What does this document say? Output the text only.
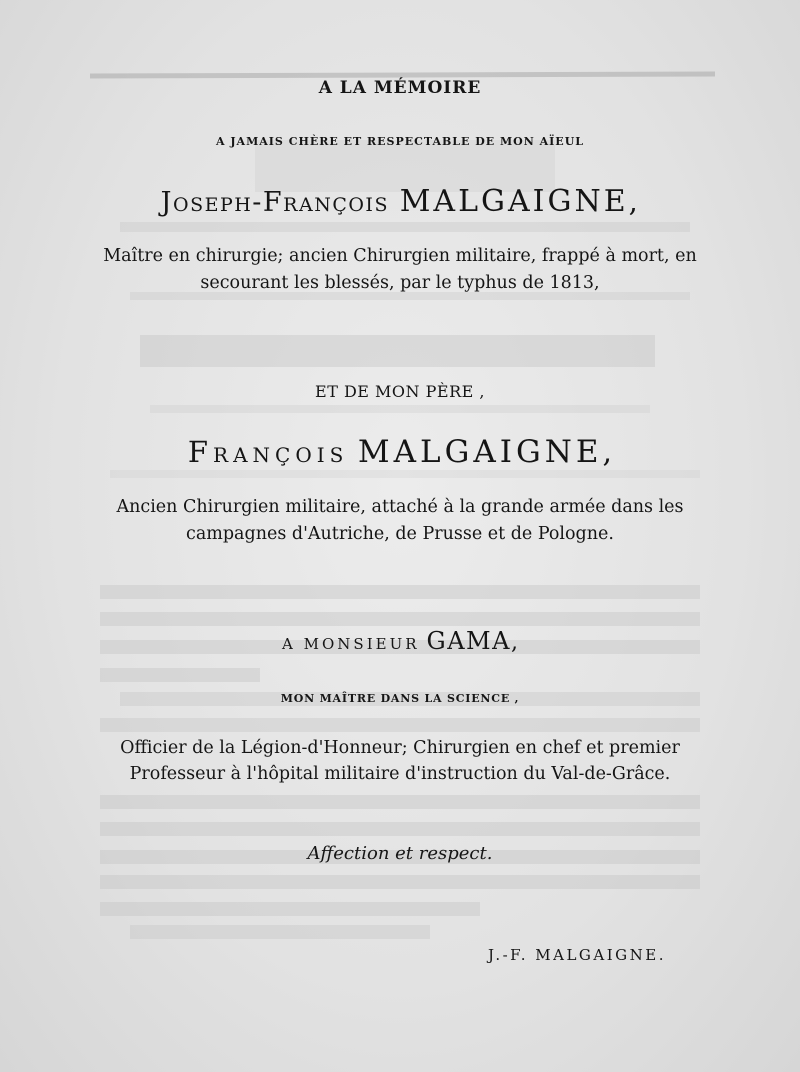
A LA MÉMOIRE
A JAMAIS CHÈRE ET RESPECTABLE DE MON AÏEUL
Joseph-François MALGAIGNE,
Maître en chirurgie; ancien Chirurgien militaire, frappé à mort, en
secourant les blessés, par le typhus de 1813,
ET DE MON PÈRE ,
François MALGAIGNE,
Ancien Chirurgien militaire, attaché à la grande armée dans les
campagnes d'Autriche, de Prusse et de Pologne.
A MONSIEUR GAMA,
MON MAÎTRE DANS LA SCIENCE ,
Officier de la Légion-d'Honneur; Chirurgien en chef et premier
Professeur à l'hôpital militaire d'instruction du Val-de-Grâce.
Affection et respect.
J.-F. MALGAIGNE.
